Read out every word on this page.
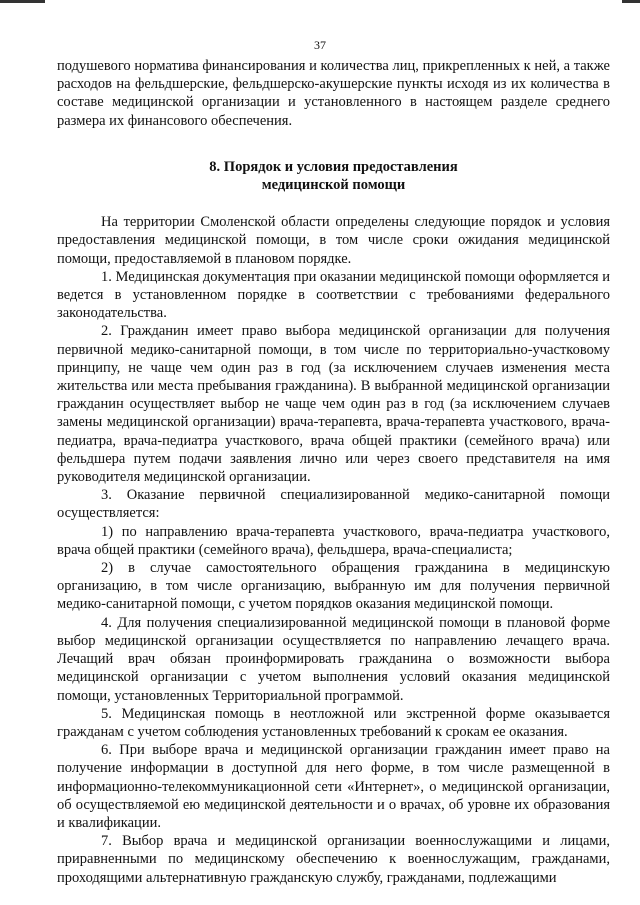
37

подушевого норматива финансирования и количества лиц, прикрепленных к ней, а также расходов на фельдшерские, фельдшерско-акушерские пункты исходя из их количества в составе медицинской организации и установленного в настоящем разделе среднего размера их финансового обеспечения.

8. Порядок и условия предоставления
медицинской помощи

На территории Смоленской области определены следующие порядок и условия предоставления медицинской помощи, в том числе сроки ожидания медицинской помощи, предоставляемой в плановом порядке.

1. Медицинская документация при оказании медицинской помощи оформляется и ведется в установленном порядке в соответствии с требованиями федерального законодательства.

2. Гражданин имеет право выбора медицинской организации для получения первичной медико-санитарной помощи, в том числе по территориально-участковому принципу, не чаще чем один раз в год (за исключением случаев изменения места жительства или места пребывания гражданина). В выбранной медицинской организации гражданин осуществляет выбор не чаще чем один раз в год (за исключением случаев замены медицинской организации) врача-терапевта, врача-терапевта участкового, врача-педиатра, врача-педиатра участкового, врача общей практики (семейного врача) или фельдшера путем подачи заявления лично или через своего представителя на имя руководителя медицинской организации.

3. Оказание первичной специализированной медико-санитарной помощи осуществляется:

1) по направлению врача-терапевта участкового, врача-педиатра участкового, врача общей практики (семейного врача), фельдшера, врача-специалиста;

2) в случае самостоятельного обращения гражданина в медицинскую организацию, в том числе организацию, выбранную им для получения первичной медико-санитарной помощи, с учетом порядков оказания медицинской помощи.

4. Для получения специализированной медицинской помощи в плановой форме выбор медицинской организации осуществляется по направлению лечащего врача. Лечащий врач обязан проинформировать гражданина о возможности выбора медицинской организации с учетом выполнения условий оказания медицинской помощи, установленных Территориальной программой.

5. Медицинская помощь в неотложной или экстренной форме оказывается гражданам с учетом соблюдения установленных требований к срокам ее оказания.

6. При выборе врача и медицинской организации гражданин имеет право на получение информации в доступной для него форме, в том числе размещенной в информационно-телекоммуникационной сети «Интернет», о медицинской организации, об осуществляемой ею медицинской деятельности и о врачах, об уровне их образования и квалификации.

7. Выбор врача и медицинской организации военнослужащими и лицами, приравненными по медицинскому обеспечению к военнослужащим, гражданами, проходящими альтернативную гражданскую службу, гражданами, подлежащими
